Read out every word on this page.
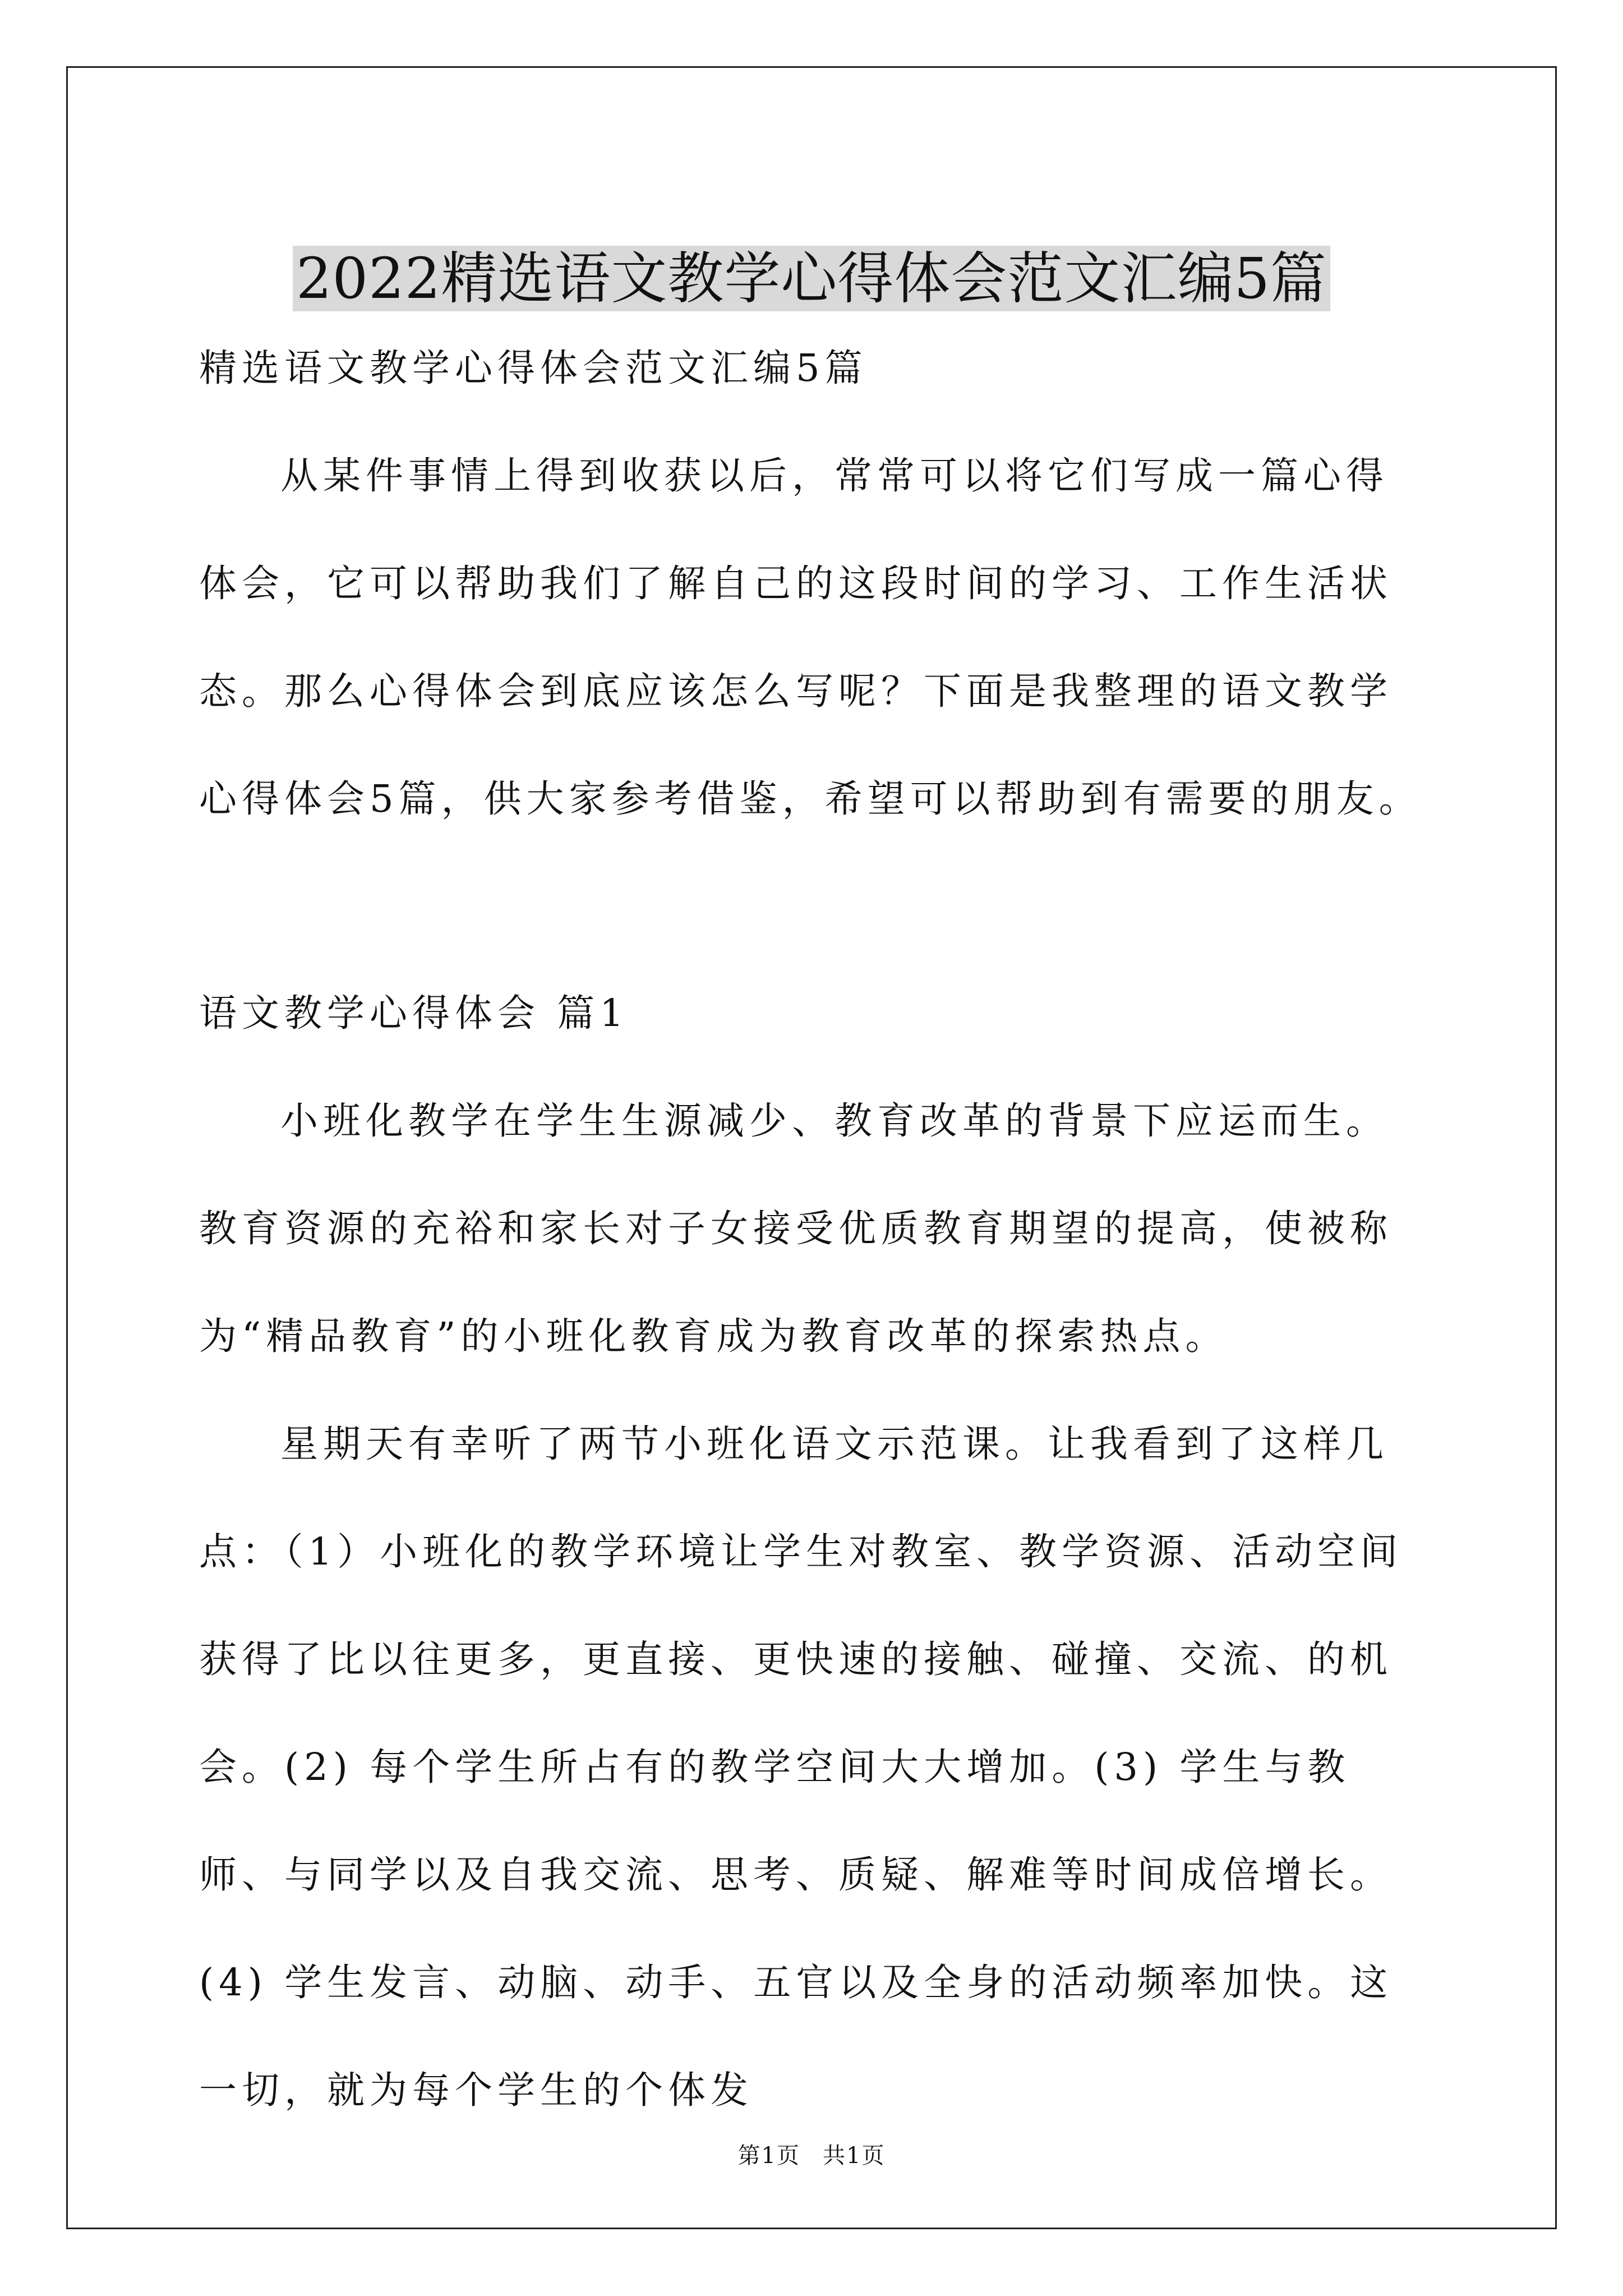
2022精选语文教学心得体会范文汇编5篇

精选语文教学心得体会范文汇编5篇

从某件事情上得到收获以后，常常可以将它们写成一篇心得体会，它可以帮助我们了解自己的这段时间的学习、工作生活状态。那么心得体会到底应该怎么写呢？下面是我整理的语文教学心得体会5篇，供大家参考借鉴，希望可以帮助到有需要的朋友。

语文教学心得体会 篇1

小班化教学在学生生源减少、教育改革的背景下应运而生。教育资源的充裕和家长对子女接受优质教育期望的提高，使被称为“精品教育”的小班化教育成为教育改革的探索热点。

星期天有幸听了两节小班化语文示范课。让我看到了这样几点：（1）小班化的教学环境让学生对教室、教学资源、活动空间获得了比以往更多，更直接、更快速的接触、碰撞、交流、的机会。(2) 每个学生所占有的教学空间大大增加。(3) 学生与教师、与同学以及自我交流、思考、质疑、解难等时间成倍增长。(4) 学生发言、动脑、动手、五官以及全身的活动频率加快。这一切，就为每个学生的个体发

第1页 共1页
